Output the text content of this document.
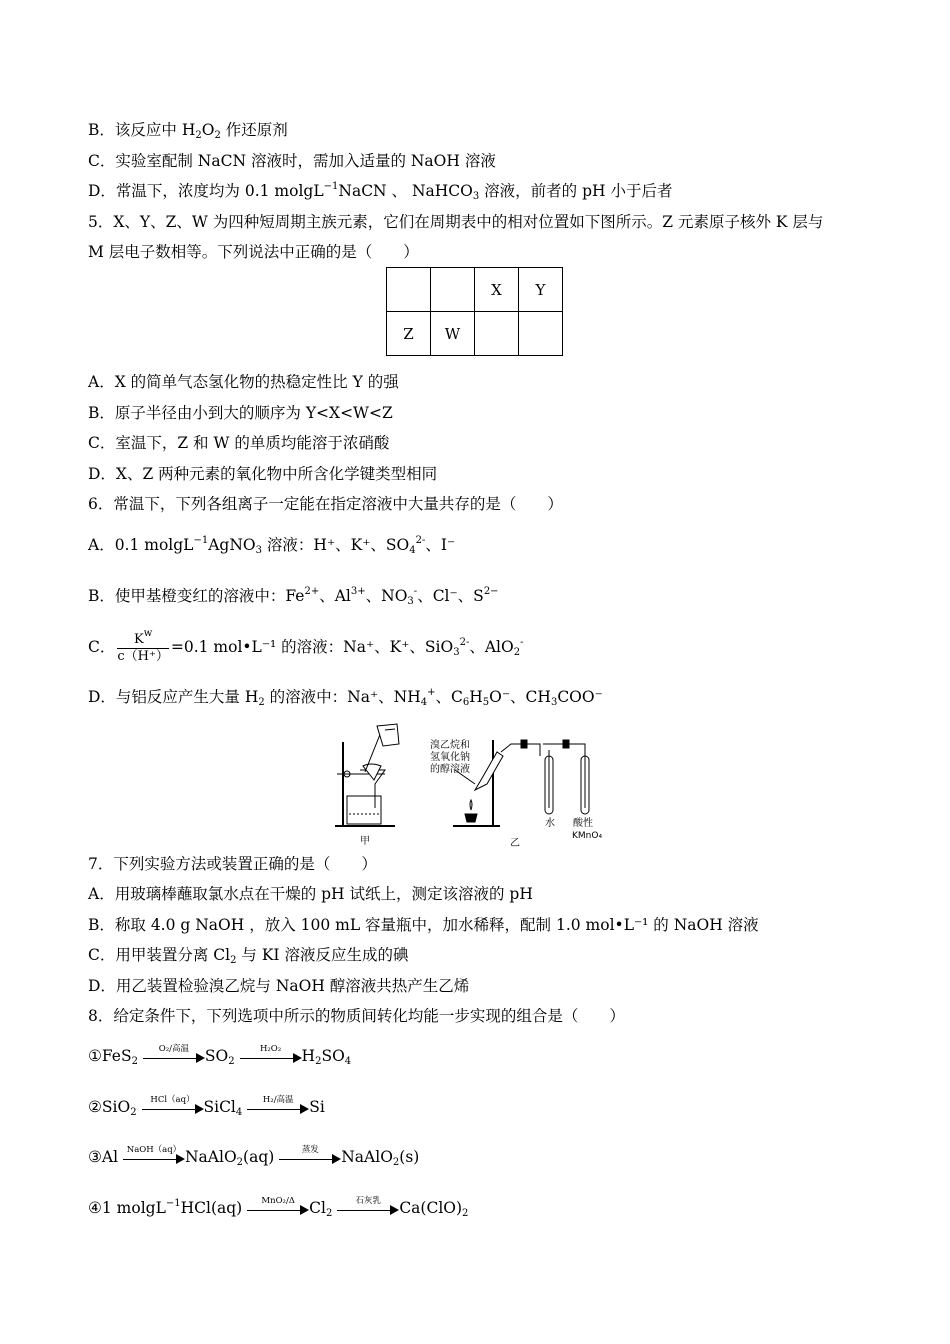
B．该反应中 $H_2O_2$ 作还原剂
C．实验室配制 NaCN 溶液时，需加入适量的 NaOH 溶液
D．常温下，浓度均为 0.1 molgL$^{-1}$NaCN 、 NaHCO$_3$ 溶液，前者的 pH 小于后者
5．X、Y、Z、W 为四种短周期主族元素，它们在周期表中的相对位置如下图所示。Z 元素原子核外 K 层与
M 层电子数相等。下列说法中正确的是（　　）
		X	Y
Z	W		
A．X 的简单气态氢化物的热稳定性比 Y 的强
B．原子半径由小到大的顺序为 Y<X<W<Z
C．室温下，Z 和 W 的单质均能溶于浓硝酸
D．X、Z 两种元素的氧化物中所含化学键类型相同
6．常温下，下列各组离子一定能在指定溶液中大量共存的是（　　）
A．0.1 molgL$^{-1}$AgNO$_3$ 溶液：H⁺、K⁺、$SO_4^{2-}$、I⁻
B．使甲基橙变红的溶液中：$Fe^{2+}$、$Al^{3+}$、$NO_3^-$、Cl⁻、$S^{2-}$
C． $\frac{K^w}{c(H^+)} =0.1$ mol•L⁻¹ 的溶液：Na⁺、K⁺、SiO$_3^{2-}$、AlO$_2$-
D．与铝反应产生大量 $H_2$ 的溶液中：Na⁺、$NH_4^+$、$C_6H_5O^-$、$CH_3COO^-$
甲
溴乙烷和
氢氧化钠
的醇溶液
水 酸性
KMnO₄
乙
7．下列实验方法或装置正确的是（　　）
A．用玻璃棒蘸取氯水点在干燥的 pH 试纸上，测定该溶液的 pH
B．称取 4.0 g NaOH ，放入 100 mL 容量瓶中，加水稀释，配制 1.0 mol•L⁻¹ 的 NaOH 溶液
C．用甲装置分离 $Cl_2$ 与 KI 溶液反应生成的碘
D．用乙装置检验溴乙烷与 NaOH 醇溶液共热产生乙烯
8．给定条件下，下列选项中所示的物质间转化均能一步实现的组合是（　　）
①FeS$_2$
O₂/高温	$SO_2$
H₂O₂	$H_2SO_4$
②SiO$_2$
HCl（aq） SiCl$_4$
H₂/高温	Si
③Al	NaOH（aq） NaAlO$_2$(aq)	蒸发	NaAlO$_2$(s)
④1 molgL$^{-1}$HCl(aq)	MnO₂/Δ $Cl_2$
石灰乳	$Ca(ClO)_2$
